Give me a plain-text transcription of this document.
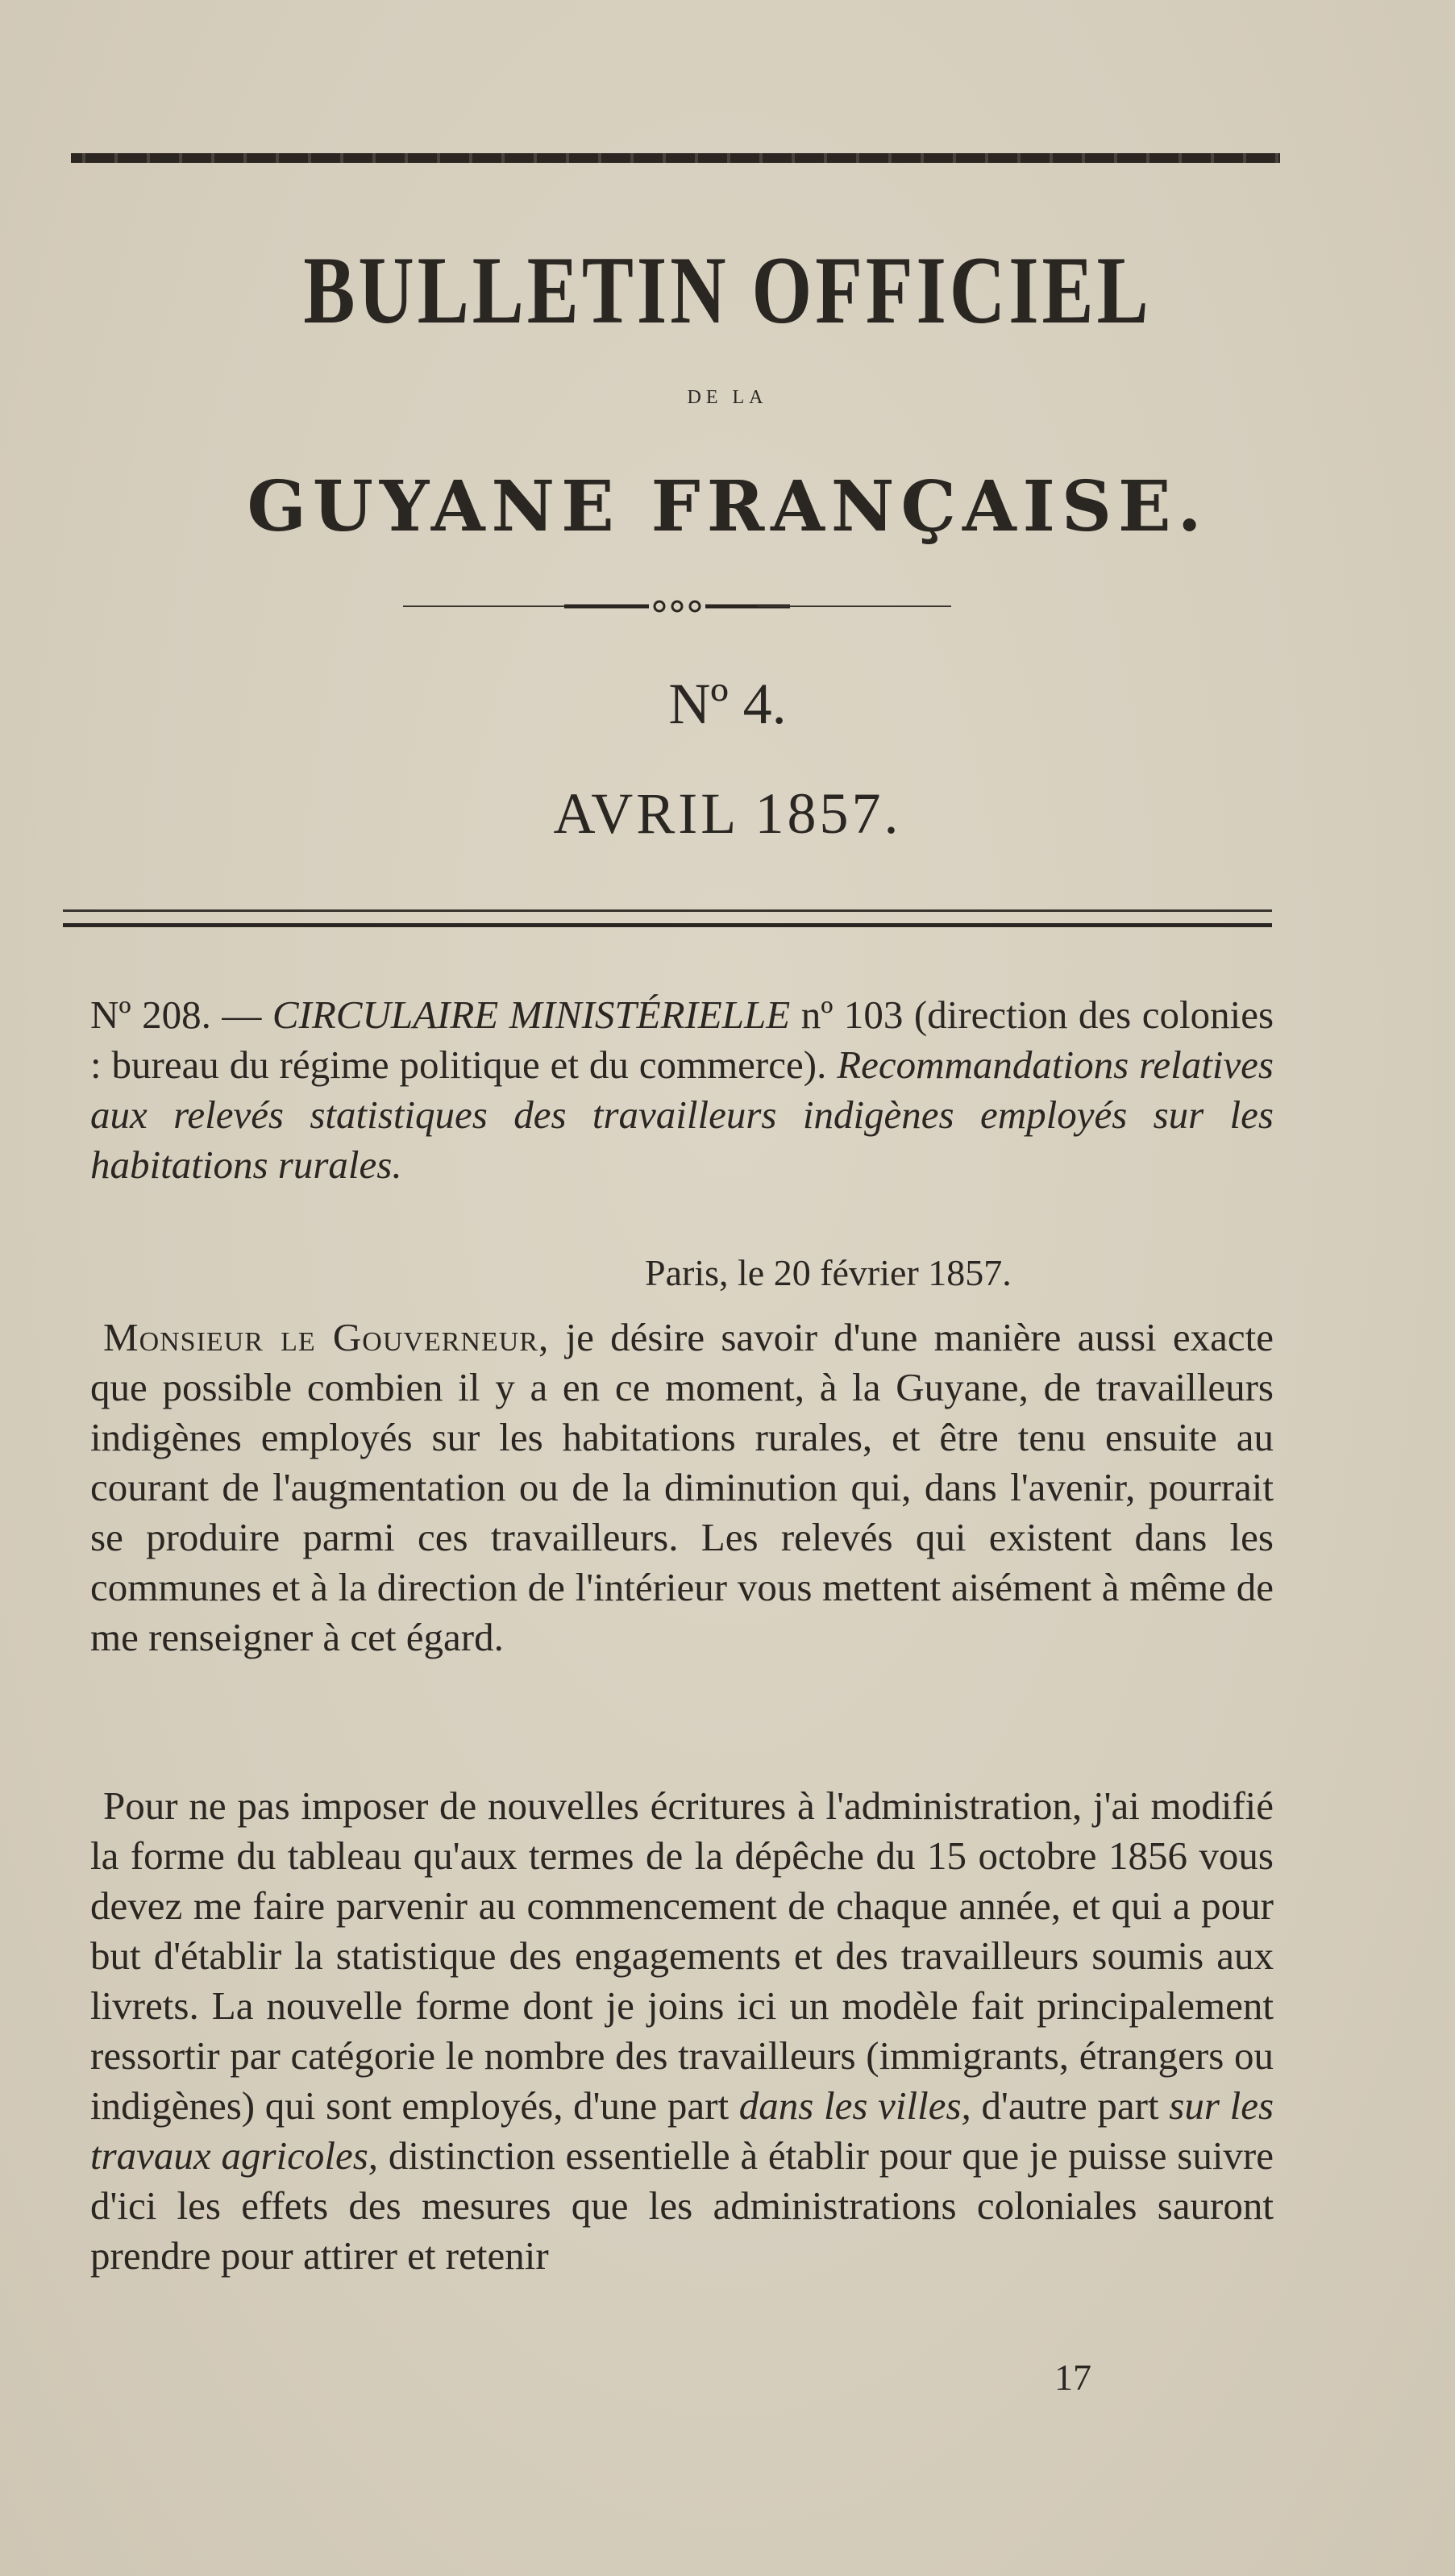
BULLETIN OFFICIEL
DE LA
GUYANE FRANÇAISE.
Nº 4.
AVRIL 1857.
Nº 208. — CIRCULAIRE MINISTÉRIELLE nº 103 (direction des colonies : bureau du régime politique et du commerce). Recommandations relatives aux relevés statistiques des travailleurs indigènes employés sur les habitations rurales.
Paris, le 20 février 1857.
Monsieur le Gouverneur, je désire savoir d'une manière aussi exacte que possible combien il y a en ce moment, à la Guyane, de travailleurs indigènes employés sur les habitations rurales, et être tenu ensuite au courant de l'augmentation ou de la diminution qui, dans l'avenir, pourrait se produire parmi ces travailleurs. Les relevés qui existent dans les communes et à la direction de l'intérieur vous mettent aisément à même de me renseigner à cet égard.
Pour ne pas imposer de nouvelles écritures à l'administration, j'ai modifié la forme du tableau qu'aux termes de la dépêche du 15 octobre 1856 vous devez me faire parvenir au commencement de chaque année, et qui a pour but d'établir la statistique des engagements et des travailleurs soumis aux livrets. La nouvelle forme dont je joins ici un modèle fait principalement ressortir par catégorie le nombre des travailleurs (immigrants, étrangers ou indigènes) qui sont employés, d'une part dans les villes, d'autre part sur les travaux agricoles, distinction essentielle à établir pour que je puisse suivre d'ici les effets des mesures que les administrations coloniales sauront prendre pour attirer et retenir
17
